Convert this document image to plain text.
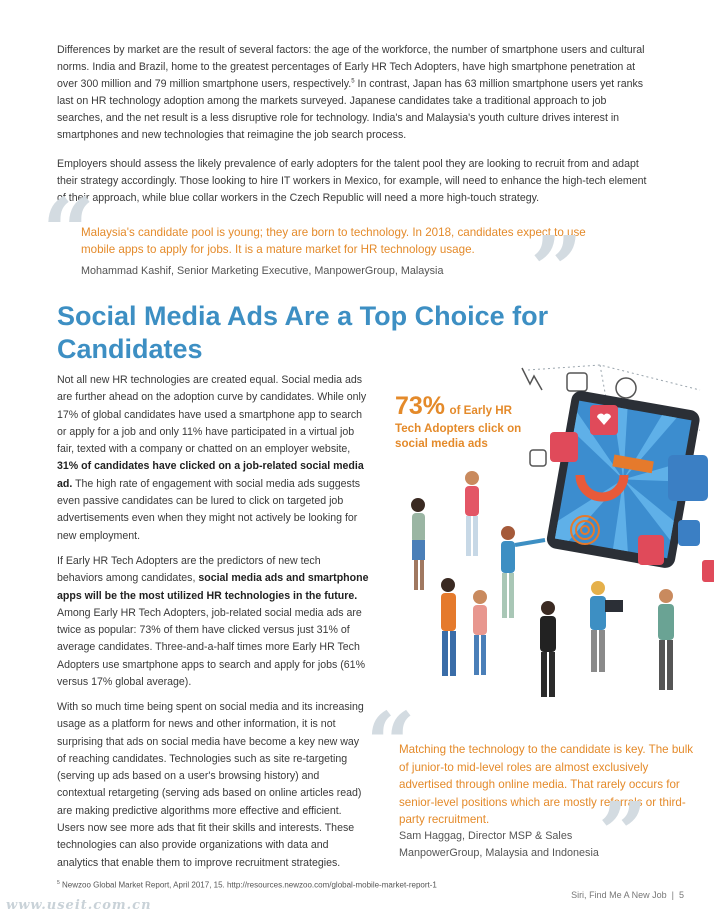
Differences by market are the result of several factors: the age of the workforce, the number of smartphone users and cultural norms. India and Brazil, home to the greatest percentages of Early HR Tech Adopters, have high smartphone penetration at over 300 million and 79 million smartphone users, respectively.$^5$ In contrast, Japan has 63 million smartphone users yet ranks last on HR technology adoption among the markets surveyed. Japanese candidates take a traditional approach to job searches, and the net result is a less disruptive role for technology. India's and Malaysia's youth culture drives interest in smartphones and new technologies that reimagine the job search process.

Employers should assess the likely prevalence of early adopters for the talent pool they are looking to recruit from and adapt their strategy accordingly. Those looking to hire IT workers in Mexico, for example, will need to enhance the high-tech element of their approach, while blue collar workers in the Czech Republic will need a more high-touch strategy.

“
Malaysia's candidate pool is young; they are born to technology. In 2018, candidates expect to use mobile apps to apply for jobs. It is a mature market for HR technology usage. ”
Mohammad Kashif, Senior Marketing Executive, ManpowerGroup, Malaysia
Social Media Ads Are a Top Choice for Candidates

Not all new HR technologies are created equal. Social media ads are further ahead on the adoption curve by candidates. While only 17% of global candidates have used a smartphone app to search or apply for a job and only 11% have participated in a virtual job fair, texted with a company or chatted on an employer website, 31% of candidates have clicked on a job-related social media ad. The high rate of engagement with social media ads suggests even passive candidates can be lured to click on targeted job advertisements even when they might not actively be looking for new employment.

If Early HR Tech Adopters are the predictors of new tech behaviors among candidates, social media ads and smartphone apps will be the most utilized HR technologies in the future. Among Early HR Tech Adopters, job-related social media ads are twice as popular: 73% of them have clicked versus just 31% of average candidates. Three-and-a-half times more Early HR Tech Adopters use smartphone apps to search and apply for jobs (61% versus 17% global average).

With so much time being spent on social media and its increasing usage as a platform for news and other information, it is not surprising that ads on social media have become a key new way of reaching candidates. Technologies such as site re-targeting (serving up ads based on a user's browsing history) and contextual retargeting (serving ads based on online articles read) are making predictive algorithms more effective and efficient. Users now see more ads that fit their skills and interests. These technologies can also provide organizations with data and analytics that enable them to improve recruitment strategies.

73% of Early HR
Tech Adopters click on social media ads
“
Matching the technology to the candidate is key. The bulk of junior-to mid-level roles are almost exclusively advertised through online media. That rarely occurs for senior-level positions which are mostly referrals or third-party recruitment.	”
Sam Haggag, Director MSP & Sales
ManpowerGroup, Malaysia and Indonesia
$^5$ Newzoo Global Market Report, April 2017, 15. http://resources.newzoo.com/global-mobile-market-report-1
Siri, Find Me A New Job | 5
www.useit.com.cn
